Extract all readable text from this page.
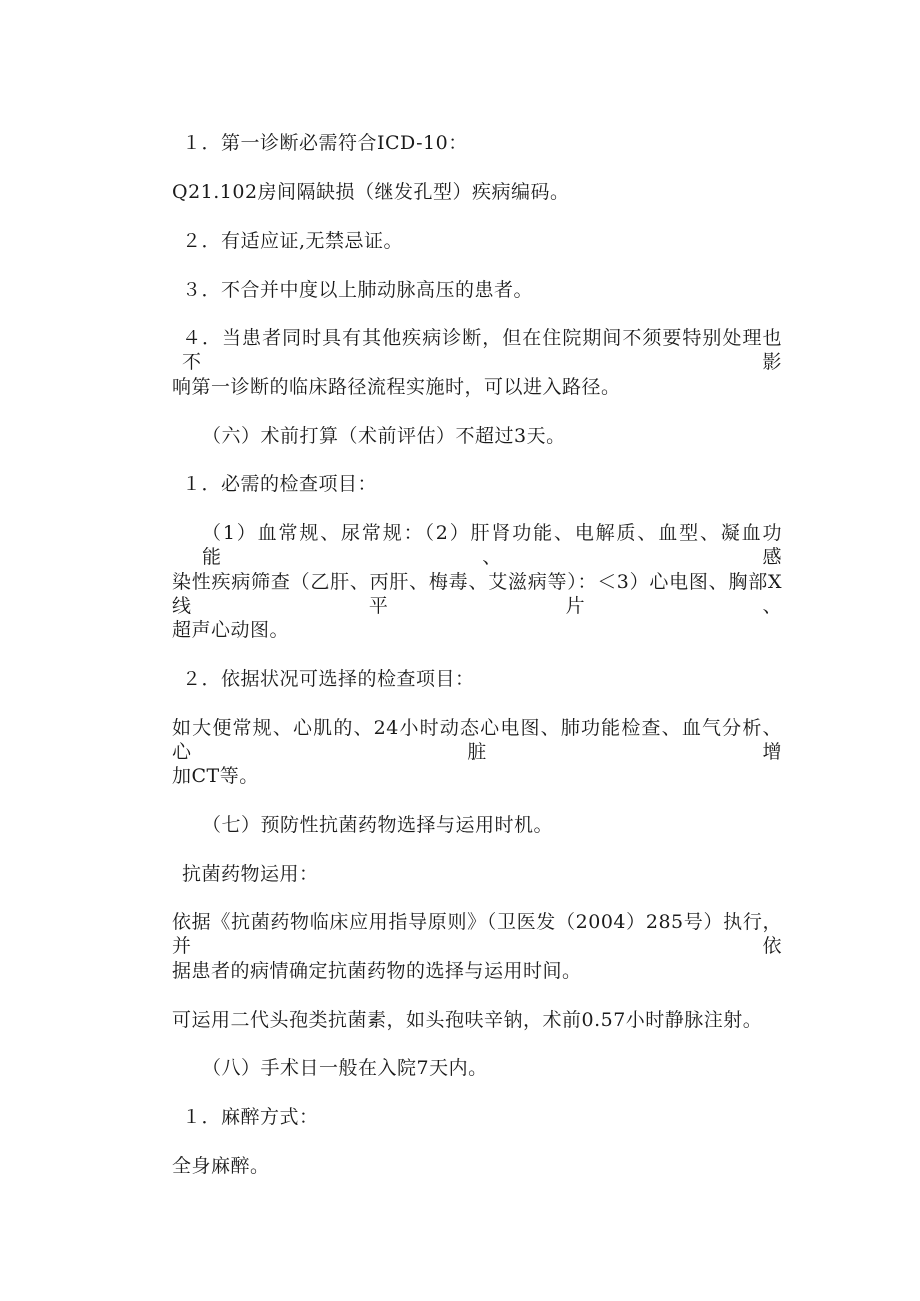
１．第一诊断必需符合ICD-10：
Q21.102房间隔缺损（继发孔型）疾病编码。
２．有适应证,无禁忌证。
３．不合并中度以上肺动脉高压的患者。
４．当患者同时具有其他疾病诊断，但在住院期间不须要特别处理也不影
响第一诊断的临床路径流程实施时，可以进入路径。
（六）术前打算（术前评估）不超过3天。
１．必需的检查项目：
（1）血常规、尿常规：（2）肝肾功能、电解质、血型、凝血功能、感
染性疾病筛查（乙肝、丙肝、梅毒、艾滋病等）：＜3）心电图、胸部X线平片、
超声心动图。
２．依据状况可选择的检查项目：
如大便常规、心肌的、24小时动态心电图、肺功能检查、血气分析、心脏增
加CT等。
（七）预防性抗菌药物选择与运用时机。
抗菌药物运用：
依据《抗菌药物临床应用指导原则》（卫医发（2004）285号）执行，并依
据患者的病情确定抗菌药物的选择与运用时间。
可运用二代头孢类抗菌素，如头孢呋辛钠，术前0.57小时静脉注射。
（八）手术日一般在入院7天内。
１．麻醉方式：
全身麻醉。
